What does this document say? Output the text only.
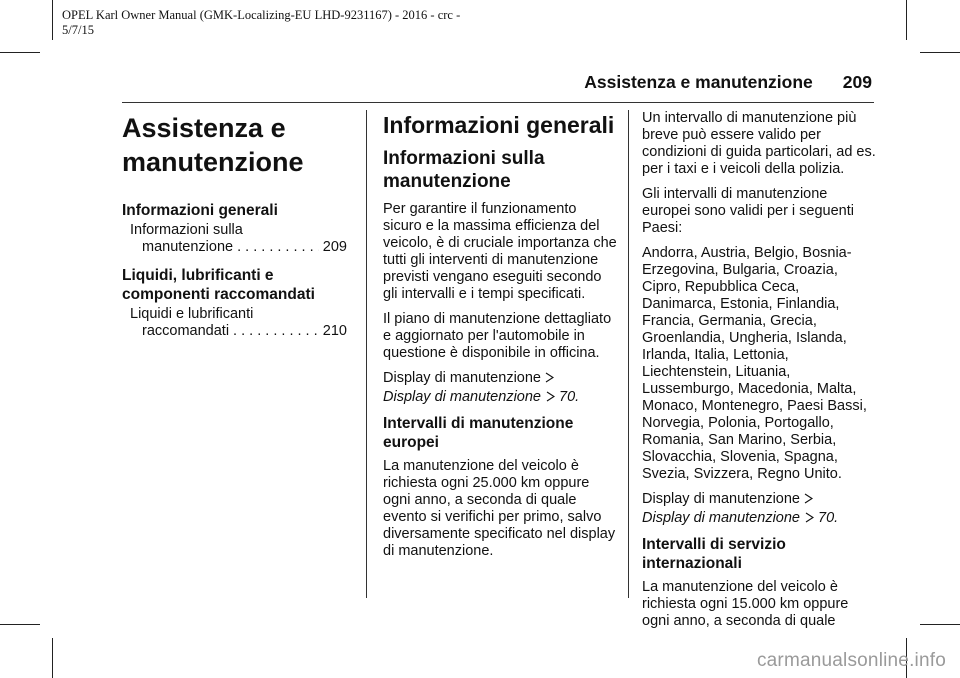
OPEL Karl Owner Manual (GMK-Localizing-EU LHD-9231167) - 2016 - crc -
5/7/15
Assistenza e manutenzione 209
Assistenza e
manutenzione
Informazioni generali
Informazioni sulla
manutenzione . . .	209
Liquidi, lubrificanti e
componenti raccomandati
Liquidi e lubrificanti
raccomandati . . .	210
Informazioni generali
Informazioni sulla
manutenzione
Per garantire il funzionamento
sicuro e la massima efficienza del
veicolo, è di cruciale importanza che
tutti gli interventi di manutenzione
previsti vengano eseguiti secondo
gli intervalli e i tempi specificati.
Il piano di manutenzione dettagliato
e aggiornato per l'automobile in
questione è disponibile in officina.
Display di manutenzione
Display di manutenzione 70.
Intervalli di manutenzione
europei
La manutenzione del veicolo è
richiesta ogni 25.000 km oppure
ogni anno, a seconda di quale
evento si verifichi per primo, salvo
diversamente specificato nel display
di manutenzione.
Un intervallo di manutenzione più
breve può essere valido per
condizioni di guida particolari, ad es.
per i taxi e i veicoli della polizia.
Gli intervalli di manutenzione
europei sono validi per i seguenti
Paesi:
Andorra, Austria, Belgio, Bosnia-
Erzegovina, Bulgaria, Croazia,
Cipro, Repubblica Ceca,
Danimarca, Estonia, Finlandia,
Francia, Germania, Grecia,
Groenlandia, Ungheria, Islanda,
Irlanda, Italia, Lettonia,
Liechtenstein, Lituania,
Lussemburgo, Macedonia, Malta,
Monaco, Montenegro, Paesi Bassi,
Norvegia, Polonia, Portogallo,
Romania, San Marino, Serbia,
Slovacchia, Slovenia, Spagna,
Svezia, Svizzera, Regno Unito.
Display di manutenzione
Display di manutenzione 70.
Intervalli di servizio
internazionali
La manutenzione del veicolo è
richiesta ogni 15.000 km oppure
ogni anno, a seconda di quale
carmanualsonline.info
